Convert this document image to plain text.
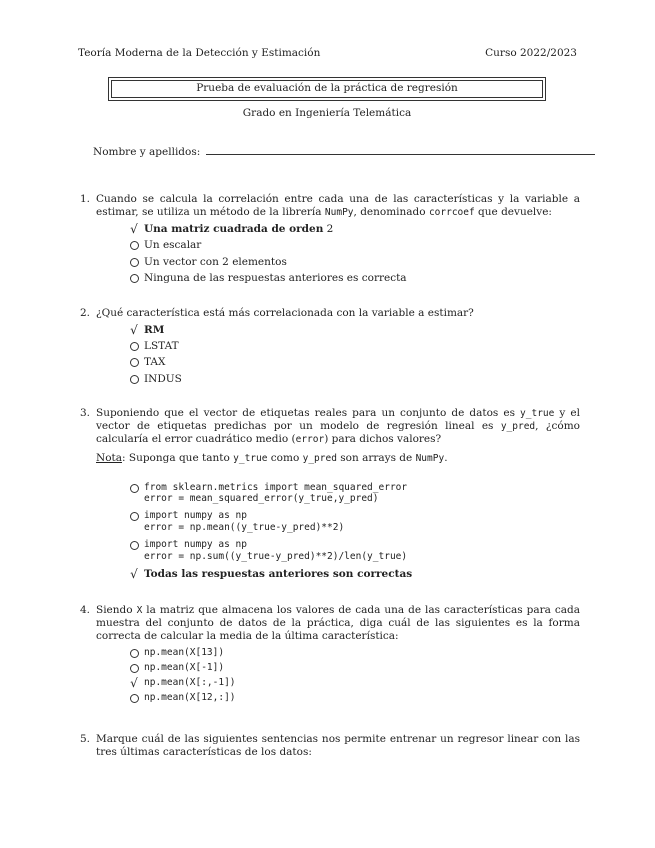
Teoría Moderna de la Detección y Estimación	Curso 2022/2023
Prueba de evaluación de la práctica de regresión
Grado en Ingeniería Telemática
Nombre y apellidos:
1. Cuando se calcula la correlación entre cada una de las características y la variable a estimar, se utiliza un método de la librería NumPy, denominado corrcoef que devuelve:
√ Una matriz cuadrada de orden 2
Un escalar
Un vector con 2 elementos
Ninguna de las respuestas anteriores es correcta
2. ¿Qué característica está más correlacionada con la variable a estimar?
√ RM
LSTAT
TAX
INDUS
3. Suponiendo que el vector de etiquetas reales para un conjunto de datos es y_true y el vector de etiquetas predichas por un modelo de regresión lineal es y_pred, ¿cómo calcularía el error cuadrático medio (error) para dichos valores?
Nota: Suponga que tanto y_true como y_pred son arrays de NumPy.
from sklearn.metrics import mean_squared_error
error = mean_squared_error(y_true,y_pred)
import numpy as np
error = np.mean((y_true-y_pred)**2)
import numpy as np
error = np.sum((y_true-y_pred)**2)/len(y_true)
√ Todas las respuestas anteriores son correctas
4. Siendo X la matriz que almacena los valores de cada una de las características para cada muestra del conjunto de datos de la práctica, diga cuál de las siguientes es la forma correcta de calcular la media de la última característica:
np.mean(X[13])
np.mean(X[-1])
√ np.mean(X[:,-1])
np.mean(X[12,:])
5. Marque cuál de las siguientes sentencias nos permite entrenar un regresor linear con las tres últimas características de los datos:
